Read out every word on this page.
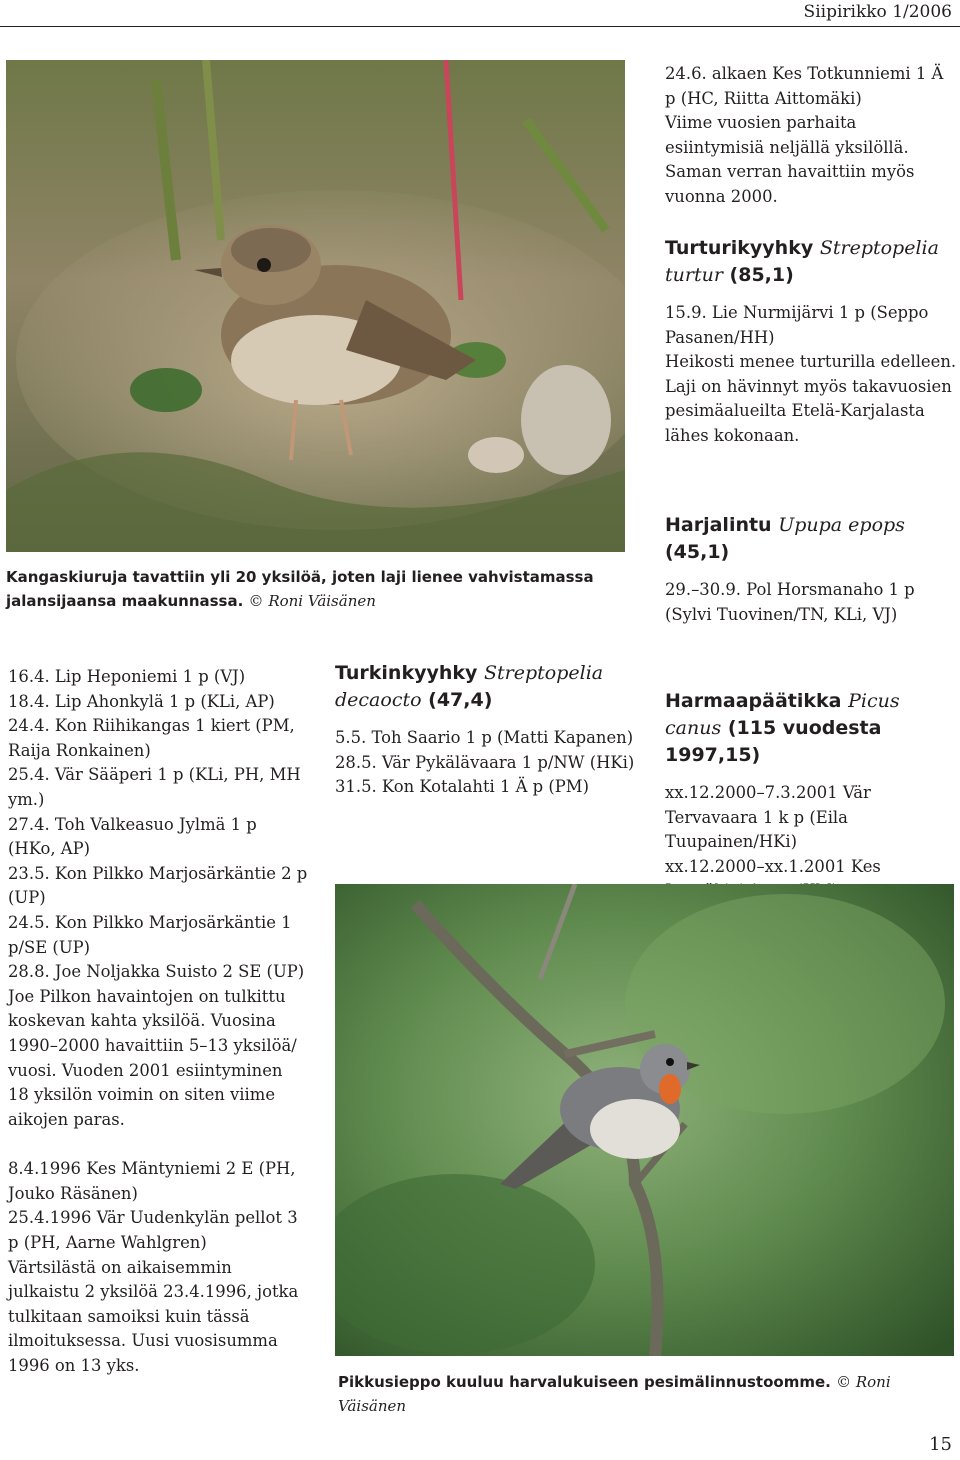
Siipirikko 1/2006
Kangaskiuruja tavattiin yli 20 yksilöä, joten laji lienee vahvistamassa jalansijaansa maakunnassa. © Roni Väisänen

16.4. Lip Heponiemi 1 p (VJ)

18.4. Lip Ahonkylä 1 p (KLi, AP)

24.4. Kon Riihikangas 1 kiert (PM, Raija Ronkainen)

25.4. Vär Sääperi 1 p (KLi, PH, MH ym.)

27.4. Toh Valkeasuo Jylmä 1 p (HKo, AP)

23.5. Kon Pilkko Marjosärkäntie 2 p (UP)

24.5. Kon Pilkko Marjosärkäntie 1 p/SE (UP)

28.8. Joe Noljakka Suisto 2 SE (UP)

Joe Pilkon havaintojen on tulkittu koskevan kahta yksilöä. Vuosina 1990–2000 havaittiin 5–13 yksilöä/ vuosi. Vuoden 2001 esiintyminen 18 yksilön voimin on siten viime aikojen paras.

8.4.1996 Kes Mäntyniemi 2 E (PH, Jouko Räsänen)

25.4.1996 Vär Uudenkylän pellot 3 p (PH, Aarne Wahlgren)

Värtsilästä on aikaisemmin julkaistu 2 yksilöä 23.4.1996, jotka tulkitaan samoiksi kuin tässä ilmoituksessa. Uusi vuosisumma 1996 on 13 yks.

Turkinkyyhky Streptopelia decaocto (47,4)

5.5. Toh Saario 1 p (Matti Kapanen)

28.5. Vär Pykälävaara 1 p/NW (HKi)

31.5. Kon Kotalahti 1 Ä p (PM)

24.6. alkaen Kes Totkunniemi 1 Ä p (HC, Riitta Aittomäki)

Viime vuosien parhaita esiintymisiä neljällä yksilöllä. Saman verran havaittiin myös vuonna 2000.

Turturikyyhky Streptopelia turtur (85,1)

15.9. Lie Nurmijärvi 1 p (Seppo Pasanen/HH)

Heikosti menee turturilla edelleen. Laji on hävinnyt myös takavuosien pesimäalueilta Etelä-Karjalasta lähes kokonaan.

Harjalintu Upupa epops (45,1)

29.–30.9. Pol Horsmanaho 1 p (Sylvi Tuovinen/TN, KLi, VJ)

Harmaapäätikka Picus canus (115 vuodesta 1997,15)

xx.12.2000–7.3.2001 Vär Tervavaara 1 k p (Eila Tuupainen/HKi)

xx.12.2000–xx.1.2001 Kes

Pikkusieppo kuuluu harvalukuiseen pesimälinnustoomme. © Roni Väisänen
15
